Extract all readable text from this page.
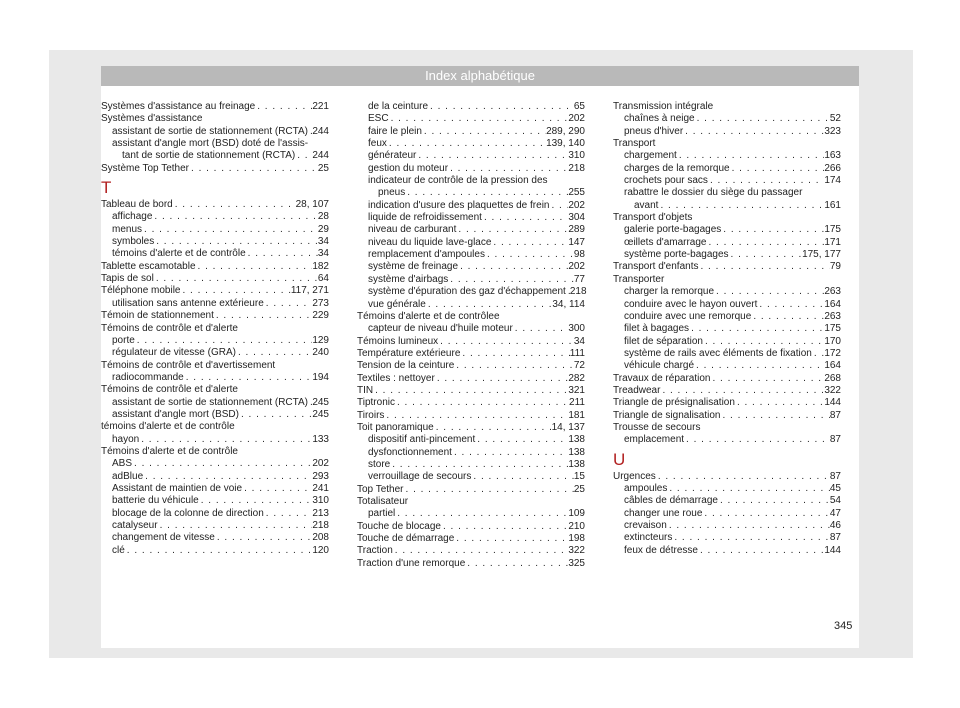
Index alphabétique
Systèmes d'assistance au freinage . . .	221
Systèmes d'assistance
assistant de sortie de stationnement (RCTA) . . . 244
assistant d'angle mort (BSD) doté de l'assis-
tant de sortie de stationnement (RCTA) . . . 244
Système Top Tether . . .	25
T
Tableau de bord . . .	28, 107
affichage . . .	28
menus . . .	29
symboles . . .	34
témoins d'alerte et de contrôle . . .	34
Tablette escamotable . . .	182
Tapis de sol . . .	64
Téléphone mobile . . .	117, 271
utilisation sans antenne extérieure . . .	273
Témoin de stationnement . . .	229
Témoins de contrôle et d'alerte
porte . . .	129
régulateur de vitesse (GRA) . . .	240
Témoins de contrôle et d'avertissement
radiocommande . . .	194
Témoins de contrôle et d'alerte
assistant de sortie de stationnement (RCTA) . . . 245
assistant d'angle mort (BSD) . . .	245
témoins d'alerte et de contrôle
hayon . . .	133
Témoins d'alerte et de contrôle
ABS . . .	202
adBlue . . .	293
Assistant de maintien de voie . . .	241
batterie du véhicule . . .	310
blocage de la colonne de direction . . .	213
catalyseur . . .	218
changement de vitesse . . .	208
clé . . .	120
de la ceinture . . .	65
ESC . . .	202
faire le plein . . .	289, 290
feux . . .	139, 140
générateur . . .	310
gestion du moteur . . .	218
indicateur de contrôle de la pression des
pneus . . .	255
indication d'usure des plaquettes de frein . . . 202
liquide de refroidissement . . .	304
niveau de carburant . . .	289
niveau du liquide lave-glace . . .	147
remplacement d'ampoules . . .	98
système de freinage . . .	202
système d'airbags . . .	77
système d'épuration des gaz d'échappement . . . 218
vue générale . . .	34, 114
Témoins d'alerte et de contrôlee
capteur de niveau d'huile moteur . . .	300
Témoins lumineux . . .	34
Température extérieure . . .	111
Tension de la ceinture . . .	72
Textiles : nettoyer . . .	282
TIN . . .	321
Tiptronic . . .	211
Tiroirs . . .	181
Toit panoramique . . .	14, 137
dispositif anti-pincement . . .	138
dysfonctionnement . . .	138
store . . .	138
verrouillage de secours . . .	15
Top Tether . . .	25
Totalisateur
partiel . . .	109
Touche de blocage . . .	210
Touche de démarrage . . .	198
Traction . . .	322
Traction d'une remorque . . .	325
Transmission intégrale
chaînes à neige . . .	52
pneus d'hiver . . .	323
Transport
chargement . . .	163
charges de la remorque . . .	266
crochets pour sacs . . .	174
rabattre le dossier du siège du passager
avant . . .	161
Transport d'objets
galerie porte-bagages . . .	175
œillets d'amarrage . . .	171
système porte-bagages . . .	175, 177
Transport d'enfants . . .	79
Transporter
charger la remorque . . .	263
conduire avec le hayon ouvert . . .	164
conduire avec une remorque . . .	263
filet à bagages . . .	175
filet de séparation . . .	170
système de rails avec éléments de fixation . . . 172
véhicule chargé . . .	164
Travaux de réparation . . .	268
Treadwear . . .	322
Triangle de présignalisation . . .	144
Triangle de signalisation . . .	87
Trousse de secours
emplacement . . .	87
U
Urgences . . .	87
ampoules . . .	45
câbles de démarrage . . .	54
changer une roue . . .	47
crevaison . . .	46
extincteurs . . .	87
feux de détresse . . .	144
345
